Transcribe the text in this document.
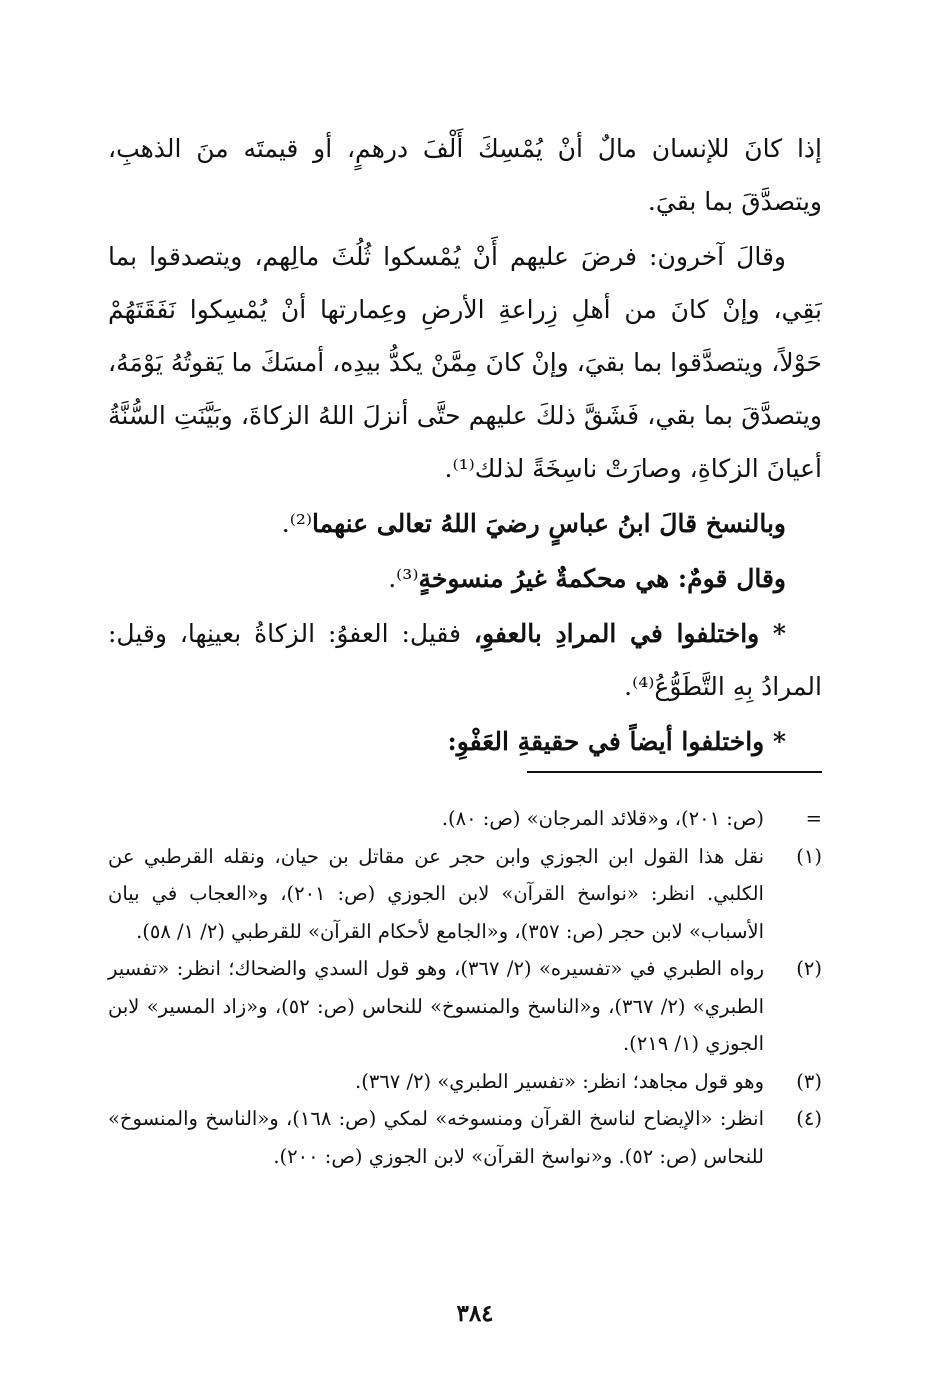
إذا كانَ للإنسان مالٌ أنْ يُمْسِكَ أَلْفَ درهمٍ، أو قيمتَه منَ الذهبِ، ويتصدَّقَ بما بقيَ.

وقالَ آخرون: فرضَ عليهم أَنْ يُمْسكوا ثُلُثَ مالِهم، ويتصدقوا بما بَقِي، وإنْ كانَ من أهلِ زِراعةِ الأرضِ وعِمارتها أنْ يُمْسِكوا نَفَقَتَهُمْ حَوْلاً، ويتصدَّقوا بما بقيَ، وإنْ كانَ مِمَّنْ يكدُّ بيدِه، أمسَكَ ما يَقوتُهُ يَوْمَهُ، ويتصدَّقَ بما بقي، فَشَقَّ ذلكَ عليهم حتَّى أنزلَ اللهُ الزكاةَ، وبَيَّنَتِ السُّنَّةُ أعيانَ الزكاةِ، وصارَتْ ناسِخَةً لذلك⁽¹⁾.

وبالنسخ قالَ ابنُ عباسٍ رضيَ اللهُ تعالى عنهما⁽²⁾.

وقال قومٌ: هي محكمةٌ غيرُ منسوخةٍ⁽³⁾.

* واختلفوا في المرادِ بالعفوِ، فقيل: العفوُ: الزكاةُ بعينِها، وقيل: المرادُ بِهِ التَّطَوُّعُ⁽⁴⁾.

* واختلفوا أيضاً في حقيقةِ العَفْوِ:

=
(ص: ٢٠١)، و«قلائد المرجان» (ص: ٨٠).
(١)
نقل هذا القول ابن الجوزي وابن حجر عن مقاتل بن حيان، ونقله القرطبي عن الكلبي. انظر: «نواسخ القرآن» لابن الجوزي (ص: ٢٠١)، و«العجاب في بيان الأسباب» لابن حجر (ص: ٣٥٧)، و«الجامع لأحكام القرآن» للقرطبي (٢/ ١/ ٥٨).
(٢)
رواه الطبري في «تفسيره» (٢/ ٣٦٧)، وهو قول السدي والضحاك؛ انظر: «تفسير الطبري» (٢/ ٣٦٧)، و«الناسخ والمنسوخ» للنحاس (ص: ٥٢)، و«زاد المسير» لابن الجوزي (١/ ٢١٩).
(٣)
وهو قول مجاهد؛ انظر: «تفسير الطبري» (٢/ ٣٦٧).
(٤)
انظر: «الإيضاح لناسخ القرآن ومنسوخه» لمكي (ص: ١٦٨)، و«الناسخ والمنسوخ» للنحاس (ص: ٥٢). و«نواسخ القرآن» لابن الجوزي (ص: ٢٠٠).
٣٨٤
